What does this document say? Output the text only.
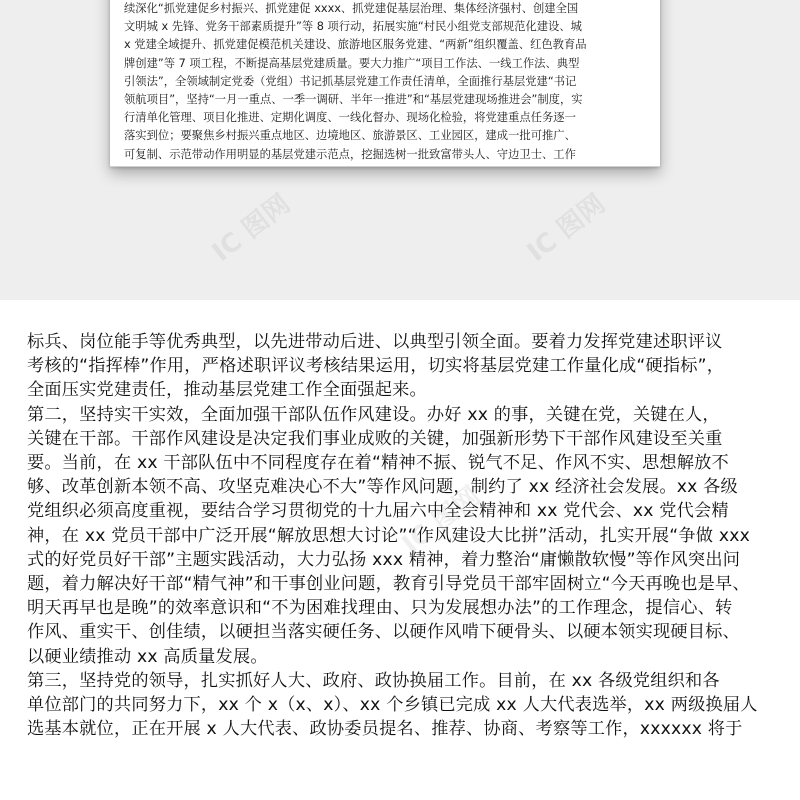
续深化“抓党建促乡村振兴、抓党建促 xxxx、抓党建促基层治理、集体经济强村、创建全国
文明城 x 先锋、党务干部素质提升”等 8 项行动，拓展实施“村民小组党支部规范化建设、城
x 党建全域提升、抓党建促模范机关建设、旅游地区服务党建、“两新”组织覆盖、红色教育品
牌创建”等 7 项工程，不断提高基层党建质量。要大力推广“项目工作法、一线工作法、典型
引领法”，全领域制定党委（党组）书记抓基层党建工作责任清单，全面推行基层党建“书记
领航项目”，坚持“一月一重点、一季一调研、半年一推进”和“基层党建现场推进会”制度，实
行清单化管理、项目化推进、定期化调度、一线化督办、现场化检验，将党建重点任务逐一
落实到位；要聚焦乡村振兴重点地区、边境地区、旅游景区、工业园区，建成一批可推广、
可复制、示范带动作用明显的基层党建示范点，挖掘选树一批致富带头人、守边卫士、工作
IC 图网	IC 图网
标兵、岗位能手等优秀典型，以先进带动后进、以典型引领全面。要着力发挥党建述职评议
考核的“指挥棒”作用，严格述职评议考核结果运用，切实将基层党建工作量化成“硬指标”，
全面压实党建责任，推动基层党建工作全面强起来。
第二，坚持实干实效，全面加强干部队伍作风建设。办好 xx 的事，关键在党，关键在人，
关键在干部。干部作风建设是决定我们事业成败的关键，加强新形势下干部作风建设至关重
要。当前，在 xx 干部队伍中不同程度存在着“精神不振、锐气不足、作风不实、思想解放不
够、改革创新本领不高、攻坚克难决心不大”等作风问题，制约了 xx 经济社会发展。xx 各级
党组织必须高度重视，要结合学习贯彻党的十九届六中全会精神和 xx 党代会、xx 党代会精
神，在 xx 党员干部中广泛开展“解放思想大讨论”“作风建设大比拼”活动，扎实开展“争做 xxx
式的好党员好干部”主题实践活动，大力弘扬 xxx 精神，着力整治“庸懒散软慢”等作风突出问
题，着力解决好干部“精气神”和干事创业问题，教育引导党员干部牢固树立“今天再晚也是早、
明天再早也是晚”的效率意识和“不为困难找理由、只为发展想办法”的工作理念，提信心、转
作风、重实干、创佳绩，以硬担当落实硬任务、以硬作风啃下硬骨头、以硬本领实现硬目标、
以硬业绩推动 xx 高质量发展。
第三，坚持党的领导，扎实抓好人大、政府、政协换届工作。目前，在 xx 各级党组织和各
单位部门的共同努力下，xx 个 x（x、x）、xx 个乡镇已完成 xx 人大代表选举，xx 两级换届人
选基本就位，正在开展 x 人大代表、政协委员提名、推荐、协商、考察等工作，xxxxxx 将于
IC 图网
